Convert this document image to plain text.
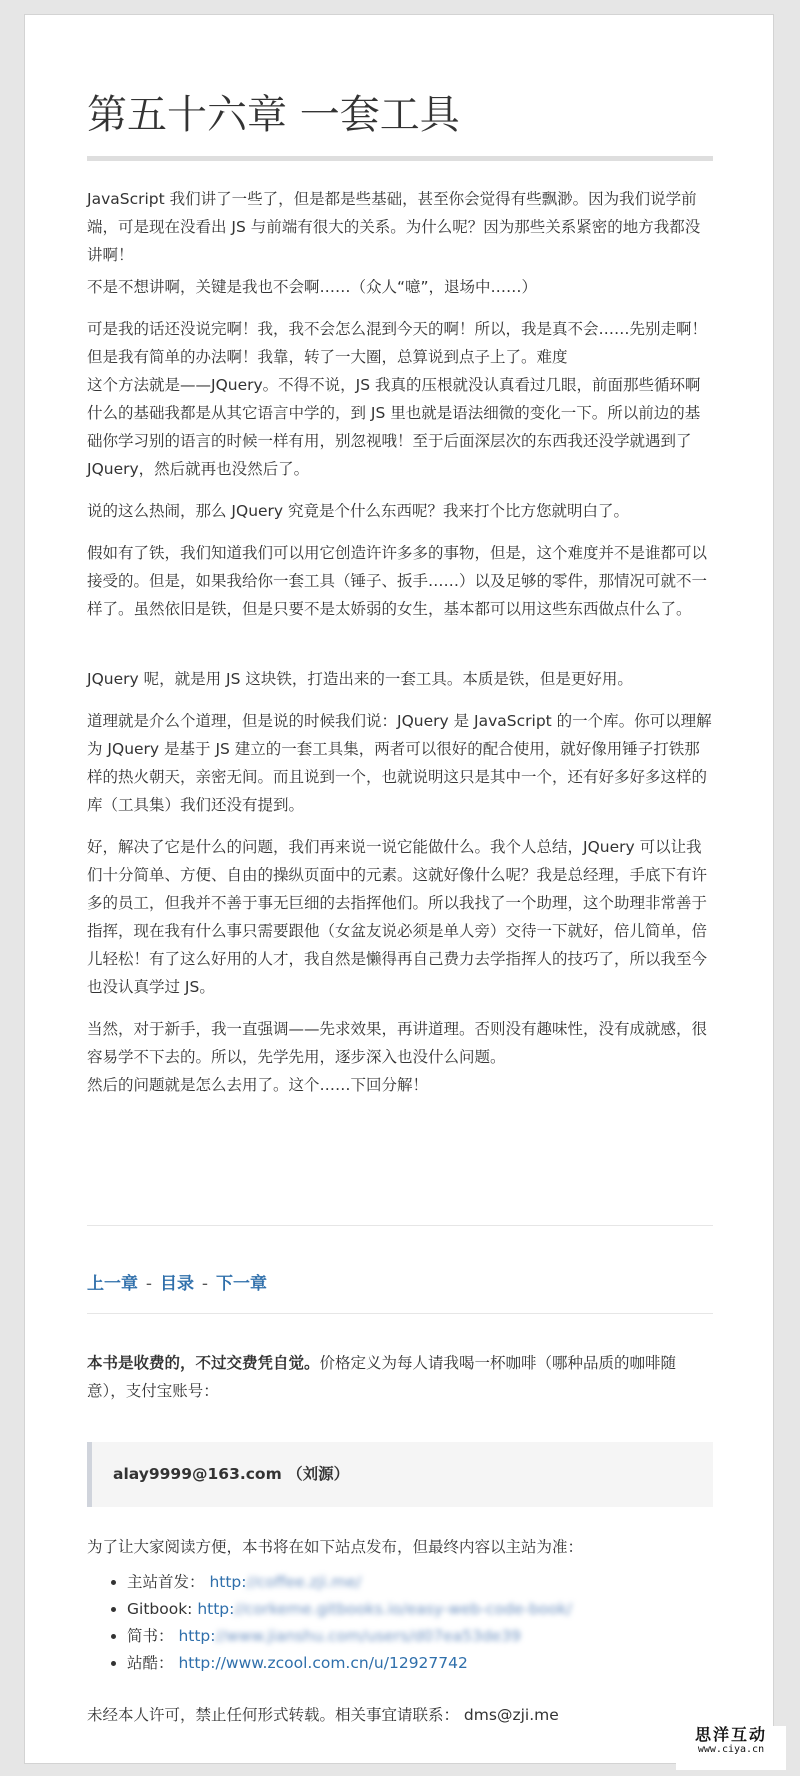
第五十六章 一套工具

JavaScript 我们讲了一些了，但是都是些基础，甚至你会觉得有些飘渺。因为我们说学前端，可是现在没看出 JS 与前端有很大的关系。为什么呢？因为那些关系紧密的地方我都没讲啊！

不是不想讲啊，关键是我也不会啊……（众人“噫”，退场中……）

可是我的话还没说完啊！我，我不会怎么混到今天的啊！所以，我是真不会……先别走啊！但是我有简单的办法啊！我靠，转了一大圈，总算说到点子上了。难度

这个方法就是——JQuery。不得不说，JS 我真的压根就没认真看过几眼，前面那些循环啊什么的基础我都是从其它语言中学的，到 JS 里也就是语法细微的变化一下。所以前边的基础你学习别的语言的时候一样有用，别忽视哦！至于后面深层次的东西我还没学就遇到了 JQuery，然后就再也没然后了。

说的这么热闹，那么 JQuery 究竟是个什么东西呢？我来打个比方您就明白了。

假如有了铁，我们知道我们可以用它创造许许多多的事物，但是，这个难度并不是谁都可以接受的。但是，如果我给你一套工具（锤子、扳手……）以及足够的零件，那情况可就不一样了。虽然依旧是铁，但是只要不是太娇弱的女生，基本都可以用这些东西做点什么了。

JQuery 呢，就是用 JS 这块铁，打造出来的一套工具。本质是铁，但是更好用。

道理就是介么个道理，但是说的时候我们说：JQuery 是 JavaScript 的一个库。你可以理解为 JQuery 是基于 JS 建立的一套工具集，两者可以很好的配合使用，就好像用锤子打铁那样的热火朝天，亲密无间。而且说到一个，也就说明这只是其中一个，还有好多好多这样的库（工具集）我们还没有提到。

好，解决了它是什么的问题，我们再来说一说它能做什么。我个人总结，JQuery 可以让我们十分简单、方便、自由的操纵页面中的元素。这就好像什么呢？我是总经理，手底下有许多的员工，但我并不善于事无巨细的去指挥他们。所以我找了一个助理，这个助理非常善于指挥，现在我有什么事只需要跟他（女盆友说必须是单人旁）交待一下就好，倍儿简单，倍儿轻松！有了这么好用的人才，我自然是懒得再自己费力去学指挥人的技巧了，所以我至今也没认真学过 JS。

当然，对于新手，我一直强调——先求效果，再讲道理。否则没有趣味性，没有成就感，很容易学不下去的。所以，先学先用，逐步深入也没什么问题。

然后的问题就是怎么去用了。这个……下回分解！

上一章 - 目录 - 下一章

本书是收费的，不过交费凭自觉。价格定义为每人请我喝一杯咖啡（哪种品质的咖啡随意），支付宝账号：

alay9999@163.com （刘源）

为了让大家阅读方便，本书将在如下站点发布，但最终内容以主站为准：

• 主站首发： http://coffee.zji.me/
• Gitbook: http://corkeme.gitbooks.io/easy-web-code-book/
• 简书： http://www.jianshu.com/users/d07ea53de39
• 站酷： http://www.zcool.com.cn/u/12927742

未经本人许可，禁止任何形式转载。相关事宜请联系： dms@zji.me

思洋互动
www.ciya.cn
